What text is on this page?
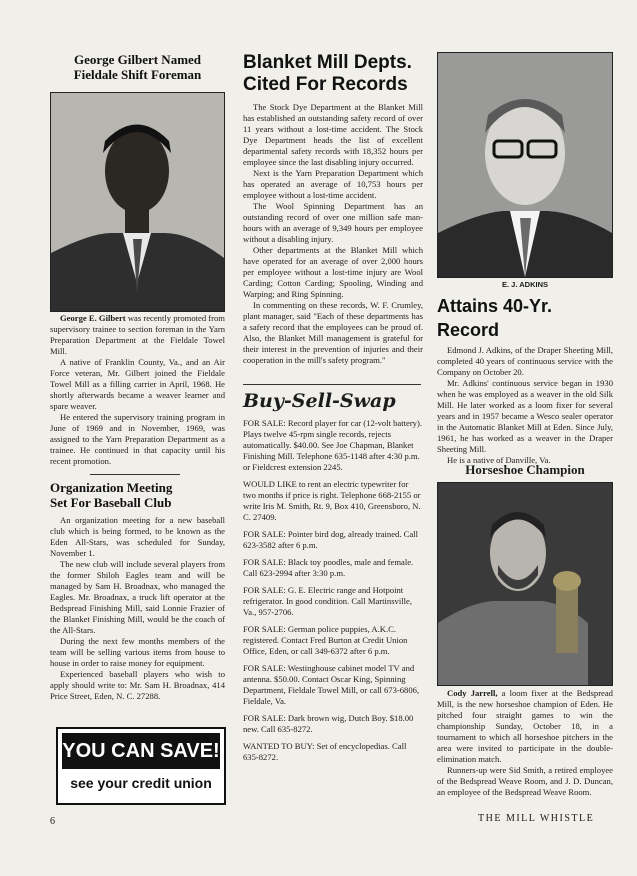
George Gilbert Named
Fieldale Shift Foreman

George E. Gilbert was recently promoted from supervisory trainee to section foreman in the Yarn Preparation Department at the Fieldale Towel Mill.

A native of Franklin County, Va., and an Air Force veteran, Mr. Gilbert joined the Fieldale Towel Mill as a filling carrier in April, 1968. He shortly afterwards became a weaver learner and spare weaver.

He entered the supervisory training program in June of 1969 and in November, 1969, was assigned to the Yarn Preparation Department as a trainee. He continued in that capacity until his recent promotion.

Organization Meeting
Set For Baseball Club

An organization meeting for a new baseball club which is being formed, to be known as the Eden All-Stars, was scheduled for Sunday, November 1.

The new club will include several players from the former Shiloh Eagles team and will be managed by Sam H. Broadnax, who managed the Eagles. Mr. Broadnax, a truck lift operator at the Bedspread Finishing Mill, said Lonnie Frazier of the Blanket Finishing Mill, would be the coach of the All-Stars.

During the next few months members of the team will be selling various items from house to house in order to raise money for equipment.

Experienced baseball players who wish to apply should write to: Mr. Sam H. Broadnax, 414 Price Street, Eden, N. C. 27288.

YOU CAN SAVE!
see your credit union
Blanket Mill Depts.
Cited For Records

The Stock Dye Department at the Blanket Mill has established an outstanding safety record of over 11 years without a lost-time accident. The Stock Dye Department heads the list of excellent departmental safety records with 18,352 hours per employee since the last disabling injury occurred.

Next is the Yarn Preparation Department which has operated an average of 10,753 hours per employee without a lost-time accident.

The Wool Spinning Department has an outstanding record of over one million safe man-hours with an average of 9,349 hours per employee without a disabling injury.

Other departments at the Blanket Mill which have operated for an average of over 2,000 hours per employee without a lost-time injury are Wool Carding; Cotton Carding; Spooling, Winding and Warping; and Ring Spinning.

In commenting on these records, W. F. Crumley, plant manager, said "Each of these departments has a safety record that the employees can be proud of. Also, the Blanket Mill management is grateful for their interest in the prevention of injuries and their cooperation in the mill's safety program."

Buy-Sell-Swap

FOR SALE: Record player for car (12-volt battery). Plays twelve 45-rpm single records, rejects automatically. $40.00. See Joe Chapman, Blanket Finishing Mill. Telephone 635-1148 after 4:30 p.m. or Fieldcrest extension 2245.

WOULD LIKE to rent an electric typewriter for two months if price is right. Telephone 668-2155 or write Iris M. Smith, Rt. 9, Box 410, Greensboro, N. C. 27409.

FOR SALE: Pointer bird dog, already trained. Call 623-3582 after 6 p.m.

FOR SALE: Black toy poodles, male and female. Call 623-2994 after 3:30 p.m.

FOR SALE: G. E. Electric range and Hotpoint refrigerator. In good condition. Call Martinsville, Va., 957-2706.

FOR SALE: German police puppies, A.K.C. registered. Contact Fred Burton at Credit Union Office, Eden, or call 349-6372 after 6 p.m.

FOR SALE: Westinghouse cabinet model TV and antenna. $50.00. Contact Oscar King, Spinning Department, Fieldale Towel Mill, or call 673-6806, Fieldale, Va.

FOR SALE: Dark brown wig, Dutch Boy. $18.00 new. Call 635-8272.

WANTED TO BUY: Set of encyclopedias. Call 635-8272.

E. J. ADKINS
Attains 40-Yr. Record

Edmond J. Adkins, of the Draper Sheeting Mill, completed 40 years of continuous service with the Company on October 20.

Mr. Adkins' continuous service began in 1930 when he was employed as a weaver in the old Silk Mill. He later worked as a loom fixer for several years and in 1957 became a Wesco sealer operator in the Automatic Blanket Mill at Eden. Since July, 1961, he has worked as a weaver in the Draper Sheeting Mill.

He is a native of Danville, Va.

Horseshoe Champion

Cody Jarrell, a loom fixer at the Bedspread Mill, is the new horseshoe champion of Eden. He pitched four straight games to win the championship Sunday, October 18, in a tournament to which all horseshoe pitchers in the area were invited to participate in the double-elimination match.

Runners-up were Sid Smith, a retired employee of the Bedspread Weave Room, and J. D. Duncan, an employee of the Bedspread Weave Room.

6	THE MILL WHISTLE
